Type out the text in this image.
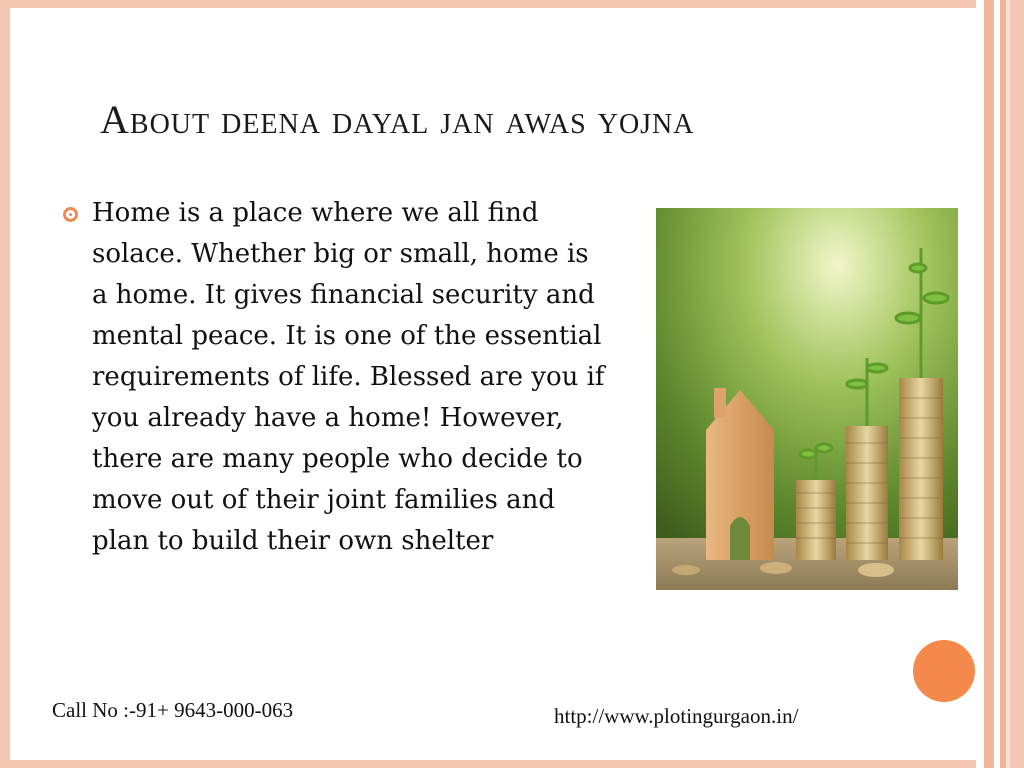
About deena dayal jan awas yojna
Home is a place where we all find solace. Whether big or small, home is a home. It gives financial security and mental peace. It is one of the essential requirements of life. Blessed are you if you already have a home! However, there are many people who decide to move out of their joint families and plan to build their own shelter
Call No :-91+ 9643-000-063	http://www.plotingurgaon.in/
